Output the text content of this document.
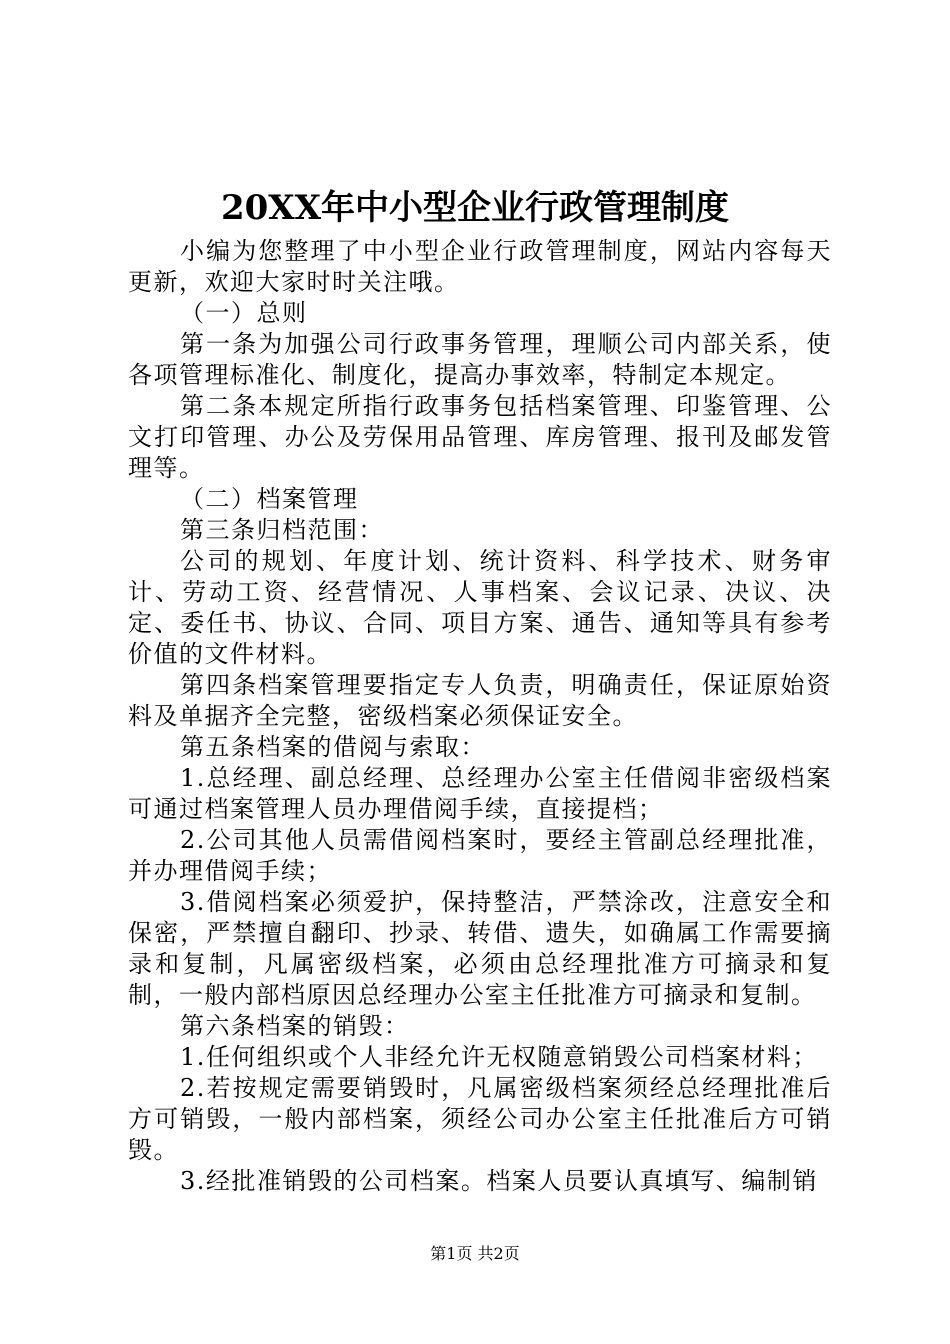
20XX年中小型企业行政管理制度

小编为您整理了中小型企业行政管理制度，网站内容每天更新，欢迎大家时时关注哦。

（一）总则

第一条为加强公司行政事务管理，理顺公司内部关系，使各项管理标准化、制度化，提高办事效率，特制定本规定。

第二条本规定所指行政事务包括档案管理、印鉴管理、公文打印管理、办公及劳保用品管理、库房管理、报刊及邮发管理等。

（二）档案管理

第三条归档范围：

公司的规划、年度计划、统计资料、科学技术、财务审计、劳动工资、经营情况、人事档案、会议记录、决议、决定、委任书、协议、合同、项目方案、通告、通知等具有参考价值的文件材料。

第四条档案管理要指定专人负责，明确责任，保证原始资料及单据齐全完整，密级档案必须保证安全。

第五条档案的借阅与索取：

1.总经理、副总经理、总经理办公室主任借阅非密级档案可通过档案管理人员办理借阅手续，直接提档；

2.公司其他人员需借阅档案时，要经主管副总经理批准，并办理借阅手续；

3.借阅档案必须爱护，保持整洁，严禁涂改，注意安全和保密，严禁擅自翻印、抄录、转借、遗失，如确属工作需要摘录和复制，凡属密级档案，必须由总经理批准方可摘录和复制，一般内部档原因总经理办公室主任批准方可摘录和复制。

第六条档案的销毁：

1.任何组织或个人非经允许无权随意销毁公司档案材料；

2.若按规定需要销毁时，凡属密级档案须经总经理批准后方可销毁，一般内部档案，须经公司办公室主任批准后方可销毁。

3.经批准销毁的公司档案。档案人员要认真填写、编制销

第1页 共2页
